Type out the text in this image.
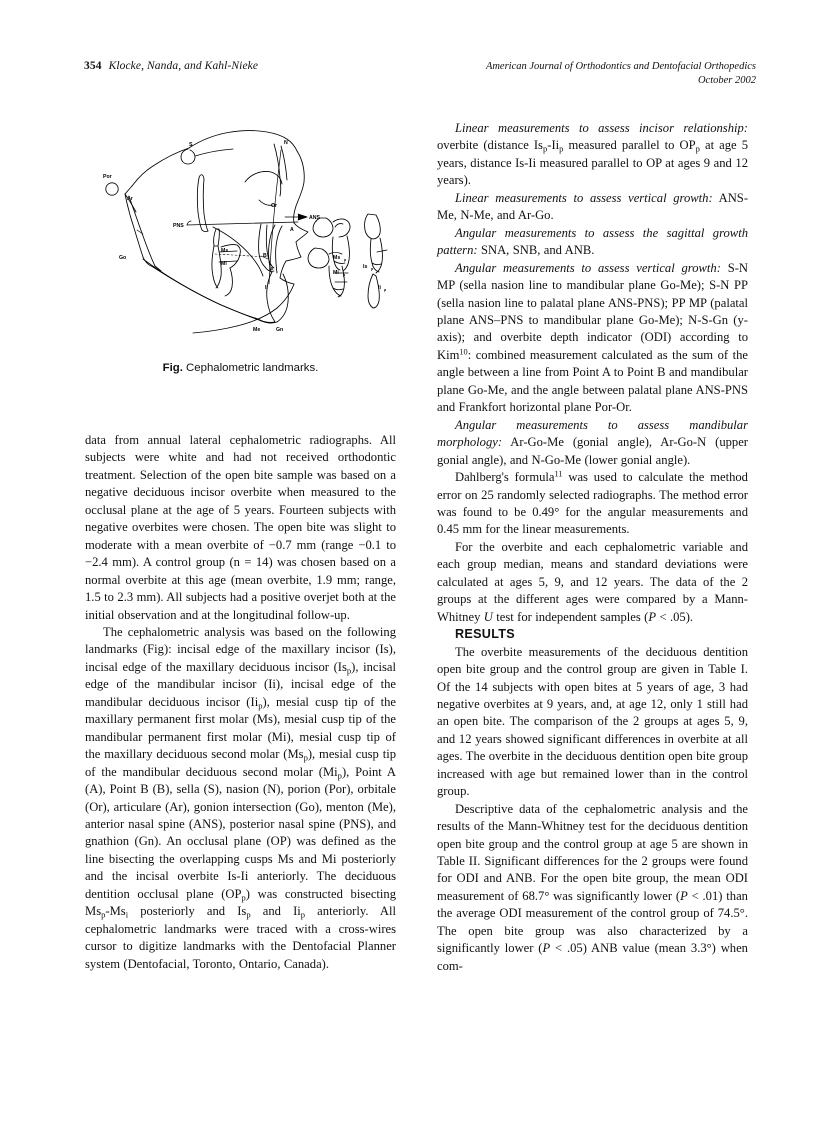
354 Klocke, Nanda, and Kahl-Nieke	American Journal of Orthodontics and Dentofacial Orthopedics
October 2002
Por
Ar
S	N
PNS
ANS
A
B
Go
Me	Gn
Or
Ms
Mi
Is
Ii
Ms p
Mi p
Is p
Ii p
Fig. Cephalometric landmarks.

data from annual lateral cephalometric radiographs. All subjects were white and had not received orthodontic treatment. Selection of the open bite sample was based on a negative deciduous incisor overbite when measured to the occlusal plane at the age of 5 years. Fourteen subjects with negative overbites were chosen. The open bite was slight to moderate with a mean overbite of −0.7 mm (range −0.1 to −2.4 mm). A control group (n = 14) was chosen based on a normal overbite at this age (mean overbite, 1.9 mm; range, 1.5 to 2.3 mm). All subjects had a positive overjet both at the initial observation and at the longitudinal follow-up.

The cephalometric analysis was based on the following landmarks (Fig): incisal edge of the maxillary incisor (Is), incisal edge of the maxillary deciduous incisor $(Is_p)$, incisal edge of the mandibular incisor (Ii), incisal edge of the mandibular deciduous incisor $(Ii_p)$, mesial cusp tip of the maxillary permanent first molar (Ms), mesial cusp tip of the mandibular permanent first molar (Mi), mesial cusp tip of the maxillary deciduous second molar $(Ms_p)$, mesial cusp tip of the mandibular deciduous second molar $(Mi_p)$, Point A (A), Point B (B), sella (S), nasion (N), porion (Por), orbitale (Or), articulare (Ar), gonion intersection (Go), menton (Me), anterior nasal spine (ANS), posterior nasal spine (PNS), and gnathion (Gn). An occlusal plane (OP) was defined as the line bisecting the overlapping cusps Ms and Mi posteriorly and the incisal overbite Is-Ii anteriorly. The deciduous dentition occlusal plane $(OP_p)$ was constructed bisecting $Ms_p-Ms_i$ posteriorly and $Is_p$ and $Ii_p$ anteriorly. All cephalometric landmarks were traced with a cross-wires cursor to digitize landmarks with the Dentofacial Planner system (Dentofacial, Toronto, Ontario, Canada).

Linear measurements to assess incisor relationship: overbite (distance $Is_p-Ii_p$ measured parallel to $OP_p$ at age 5 years, distance Is-Ii measured parallel to OP at ages 9 and 12 years).

Linear measurements to assess vertical growth: ANS-Me, N-Me, and Ar-Go.

Angular measurements to assess the sagittal growth pattern: SNA, SNB, and ANB.

Angular measurements to assess vertical growth: S-N MP (sella nasion line to mandibular plane Go-Me); S-N PP (sella nasion line to palatal plane ANS-PNS); PP MP (palatal plane ANS–PNS to mandibular plane Go-Me); N-S-Gn (y-axis); and overbite depth indicator (ODI) according to Kim$^{10}$: combined measurement calculated as the sum of the angle between a line from Point A to Point B and mandibular plane Go-Me, and the angle between palatal plane ANS-PNS and Frankfort horizontal plane Por-Or.

Angular measurements to assess mandibular morphology: Ar-Go-Me (gonial angle), Ar-Go-N (upper gonial angle), and N-Go-Me (lower gonial angle).

Dahlberg's formula$^{11}$ was used to calculate the method error on 25 randomly selected radiographs. The method error was found to be 0.49° for the angular measurements and 0.45 mm for the linear measurements.

For the overbite and each cephalometric variable and each group median, means and standard deviations were calculated at ages 5, 9, and 12 years. The data of the 2 groups at the different ages were compared by a Mann-Whitney U test for independent samples (P < .05).

RESULTS

The overbite measurements of the deciduous dentition open bite group and the control group are given in Table I. Of the 14 subjects with open bites at 5 years of age, 3 had negative overbites at 9 years, and, at age 12, only 1 still had an open bite. The comparison of the 2 groups at ages 5, 9, and 12 years showed significant differences in overbite at all ages. The overbite in the deciduous dentition open bite group increased with age but remained lower than in the control group.

Descriptive data of the cephalometric analysis and the results of the Mann-Whitney test for the deciduous dentition open bite group and the control group at age 5 are shown in Table II. Significant differences for the 2 groups were found for ODI and ANB. For the open bite group, the mean ODI measurement of 68.7° was significantly lower (P < .01) than the average ODI measurement of the control group of 74.5°. The open bite group was also characterized by a significantly lower (P < .05) ANB value (mean 3.3°) when com-
